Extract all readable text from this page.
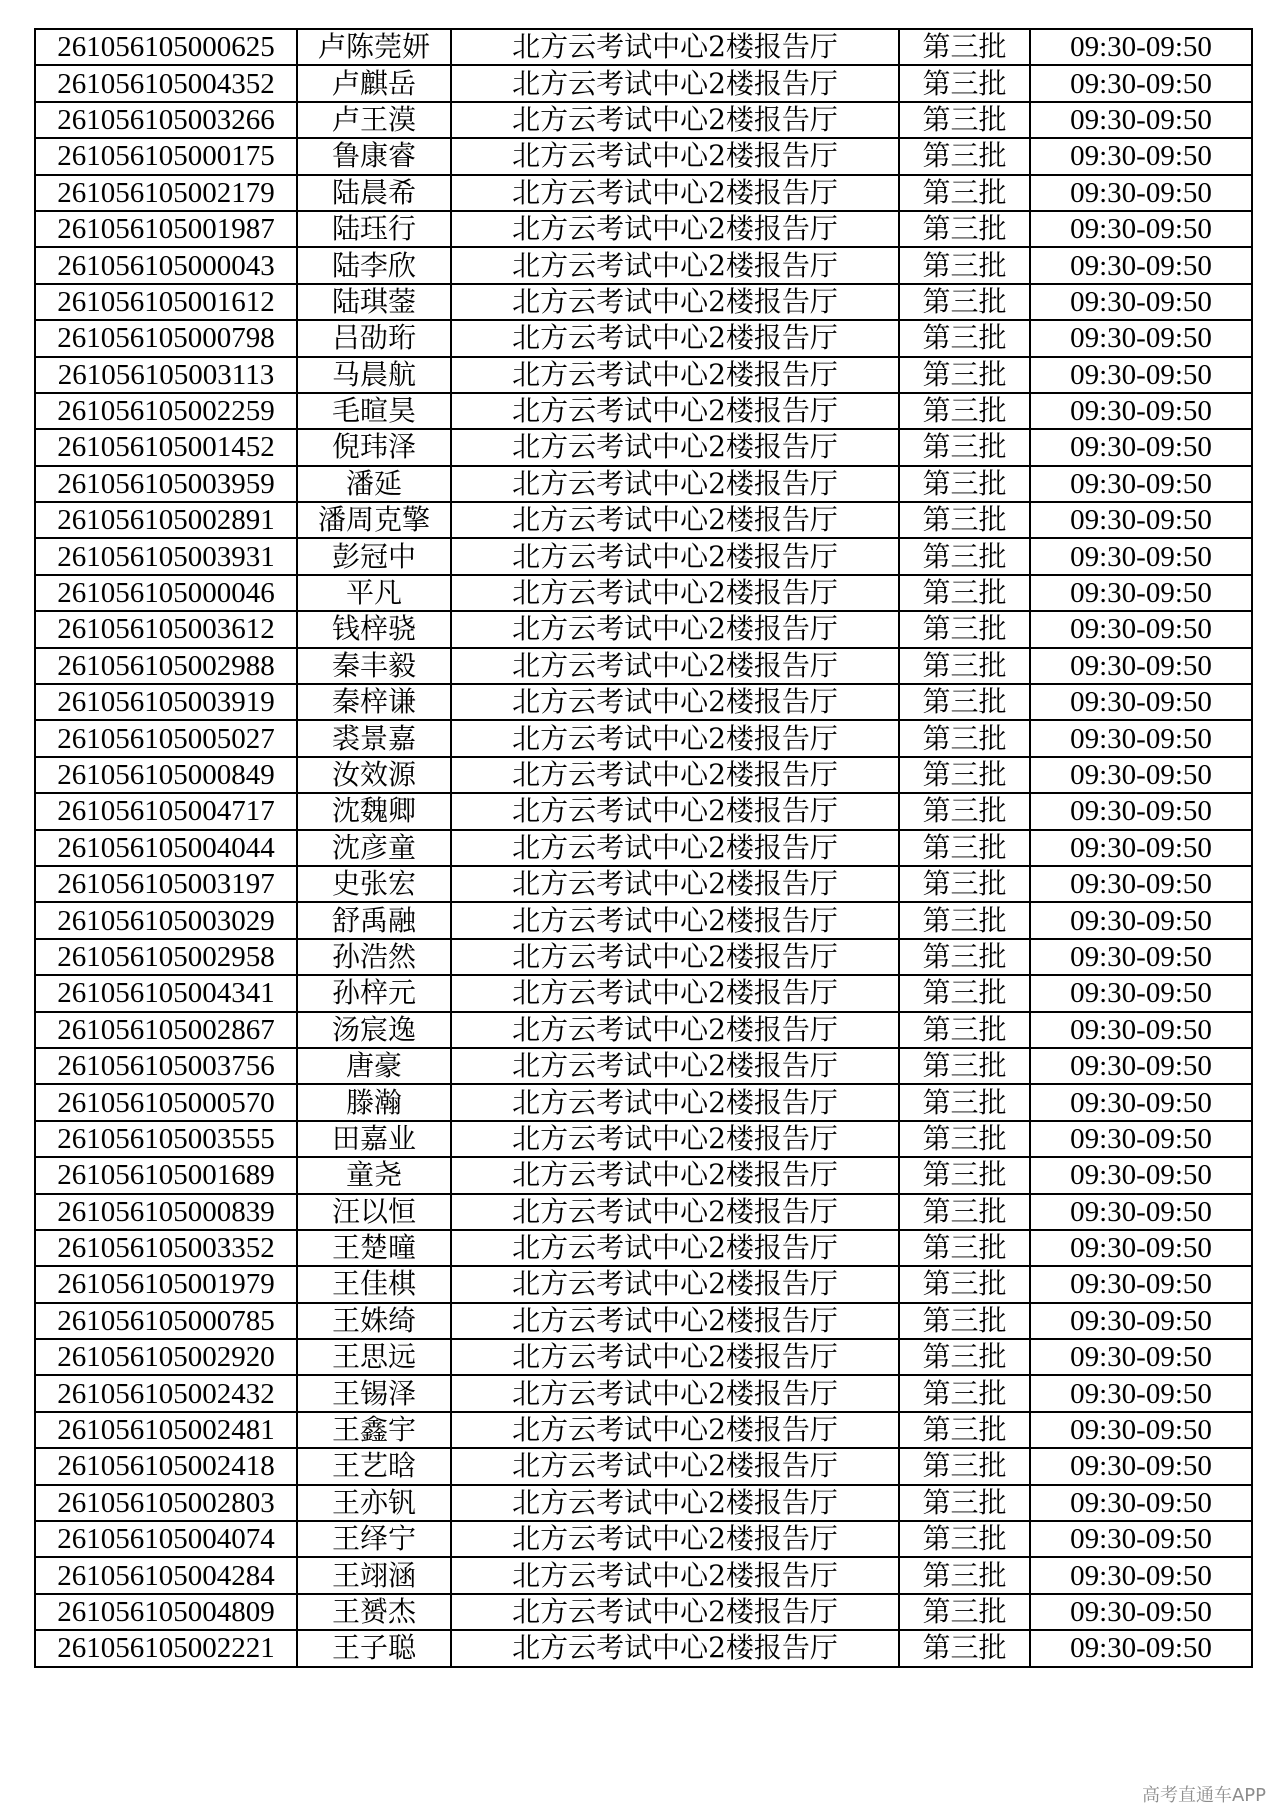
261056105000625	卢陈莞妍	北方云考试中心2楼报告厅	第三批	09:30-09:50
261056105004352	卢麒岳	北方云考试中心2楼报告厅	第三批	09:30-09:50
261056105003266	卢王漠	北方云考试中心2楼报告厅	第三批	09:30-09:50
261056105000175	鲁康睿	北方云考试中心2楼报告厅	第三批	09:30-09:50
261056105002179	陆晨希	北方云考试中心2楼报告厅	第三批	09:30-09:50
261056105001987	陆珏行	北方云考试中心2楼报告厅	第三批	09:30-09:50
261056105000043	陆李欣	北方云考试中心2楼报告厅	第三批	09:30-09:50
261056105001612	陆琪蓥	北方云考试中心2楼报告厅	第三批	09:30-09:50
261056105000798	吕劭珩	北方云考试中心2楼报告厅	第三批	09:30-09:50
261056105003113	马晨航	北方云考试中心2楼报告厅	第三批	09:30-09:50
261056105002259	毛暄昊	北方云考试中心2楼报告厅	第三批	09:30-09:50
261056105001452	倪玮泽	北方云考试中心2楼报告厅	第三批	09:30-09:50
261056105003959	潘延	北方云考试中心2楼报告厅	第三批	09:30-09:50
261056105002891	潘周克擎	北方云考试中心2楼报告厅	第三批	09:30-09:50
261056105003931	彭冠中	北方云考试中心2楼报告厅	第三批	09:30-09:50
261056105000046	平凡	北方云考试中心2楼报告厅	第三批	09:30-09:50
261056105003612	钱梓骁	北方云考试中心2楼报告厅	第三批	09:30-09:50
261056105002988	秦丰毅	北方云考试中心2楼报告厅	第三批	09:30-09:50
261056105003919	秦梓谦	北方云考试中心2楼报告厅	第三批	09:30-09:50
261056105005027	裘景嘉	北方云考试中心2楼报告厅	第三批	09:30-09:50
261056105000849	汝效源	北方云考试中心2楼报告厅	第三批	09:30-09:50
261056105004717	沈魏卿	北方云考试中心2楼报告厅	第三批	09:30-09:50
261056105004044	沈彦童	北方云考试中心2楼报告厅	第三批	09:30-09:50
261056105003197	史张宏	北方云考试中心2楼报告厅	第三批	09:30-09:50
261056105003029	舒禹融	北方云考试中心2楼报告厅	第三批	09:30-09:50
261056105002958	孙浩然	北方云考试中心2楼报告厅	第三批	09:30-09:50
261056105004341	孙梓元	北方云考试中心2楼报告厅	第三批	09:30-09:50
261056105002867	汤宸逸	北方云考试中心2楼报告厅	第三批	09:30-09:50
261056105003756	唐豪	北方云考试中心2楼报告厅	第三批	09:30-09:50
261056105000570	滕瀚	北方云考试中心2楼报告厅	第三批	09:30-09:50
261056105003555	田嘉业	北方云考试中心2楼报告厅	第三批	09:30-09:50
261056105001689	童尧	北方云考试中心2楼报告厅	第三批	09:30-09:50
261056105000839	汪以恒	北方云考试中心2楼报告厅	第三批	09:30-09:50
261056105003352	王楚曈	北方云考试中心2楼报告厅	第三批	09:30-09:50
261056105001979	王佳棋	北方云考试中心2楼报告厅	第三批	09:30-09:50
261056105000785	王姝绮	北方云考试中心2楼报告厅	第三批	09:30-09:50
261056105002920	王思远	北方云考试中心2楼报告厅	第三批	09:30-09:50
261056105002432	王锡泽	北方云考试中心2楼报告厅	第三批	09:30-09:50
261056105002481	王鑫宇	北方云考试中心2楼报告厅	第三批	09:30-09:50
261056105002418	王艺晗	北方云考试中心2楼报告厅	第三批	09:30-09:50
261056105002803	王亦钒	北方云考试中心2楼报告厅	第三批	09:30-09:50
261056105004074	王绎宁	北方云考试中心2楼报告厅	第三批	09:30-09:50
261056105004284	王翊涵	北方云考试中心2楼报告厅	第三批	09:30-09:50
261056105004809	王赟杰	北方云考试中心2楼报告厅	第三批	09:30-09:50
261056105002221	王子聪	北方云考试中心2楼报告厅	第三批	09:30-09:50
高考直通车APP
